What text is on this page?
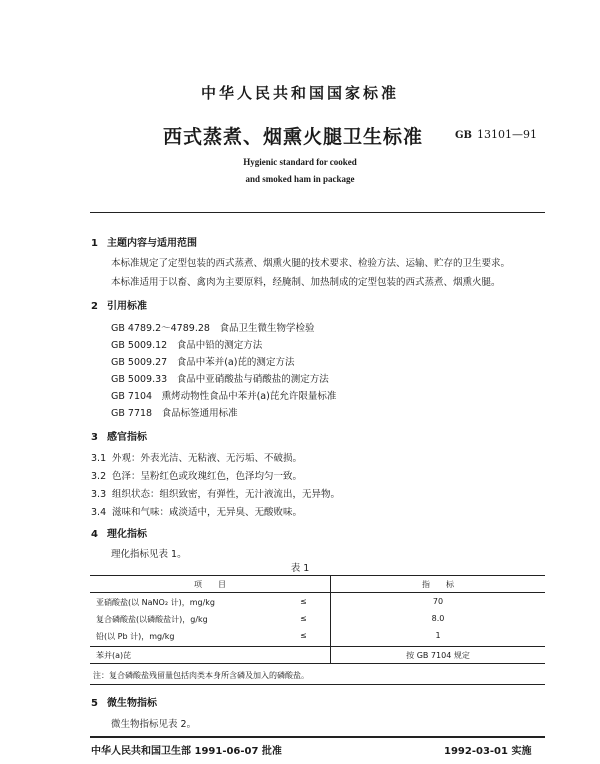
中华人民共和国国家标准
西式蒸煮、烟熏火腿卫生标准	GB 13101—91
Hygienic standard for cooked
and smoked ham in package
1 主题内容与适用范围
本标准规定了定型包装的西式蒸煮、烟熏火腿的技术要求、检验方法、运输、贮存的卫生要求。
本标准适用于以畜、禽肉为主要原料，经腌制、加热制成的定型包装的西式蒸煮、烟熏火腿。
2 引用标准
GB 4789.2～4789.28　 食品卫生微生物学检验
GB 5009.12　 食品中铅的测定方法
GB 5009.27　 食品中苯并(a)芘的测定方法
GB 5009.33　 食品中亚硝酸盐与硝酸盐的测定方法
GB 7104　 熏烤动物性食品中苯并(a)芘允许限量标准
GB 7718　 食品标签通用标准
3 感官指标
3.1 外观：外表光洁、无粘液、无污垢、不破损。
3.2 色泽：呈粉红色或玫瑰红色，色泽均匀一致。
3.3 组织状态：组织致密，有弹性，无汁液流出，无异物。
3.4 滋味和气味：咸淡适中，无异臭、无酸败味。
4 理化指标
理化指标见表 1。
表 1
项　　目	指　　标
亚硝酸盐(以 NaNO₂ 计)，mg/kg	≤	70
复合磷酸盐(以磷酸盐计)，g/kg	≤	8.0
铅(以 Pb 计)，mg/kg	≤	1
苯并(a)芘	按 GB 7104 规定
注：复合磷酸盐残留量包括肉类本身所含磷及加入的磷酸盐。
5 微生物指标
微生物指标见表 2。
中华人民共和国卫生部 1991-06-07 批准	1992-03-01 实施
